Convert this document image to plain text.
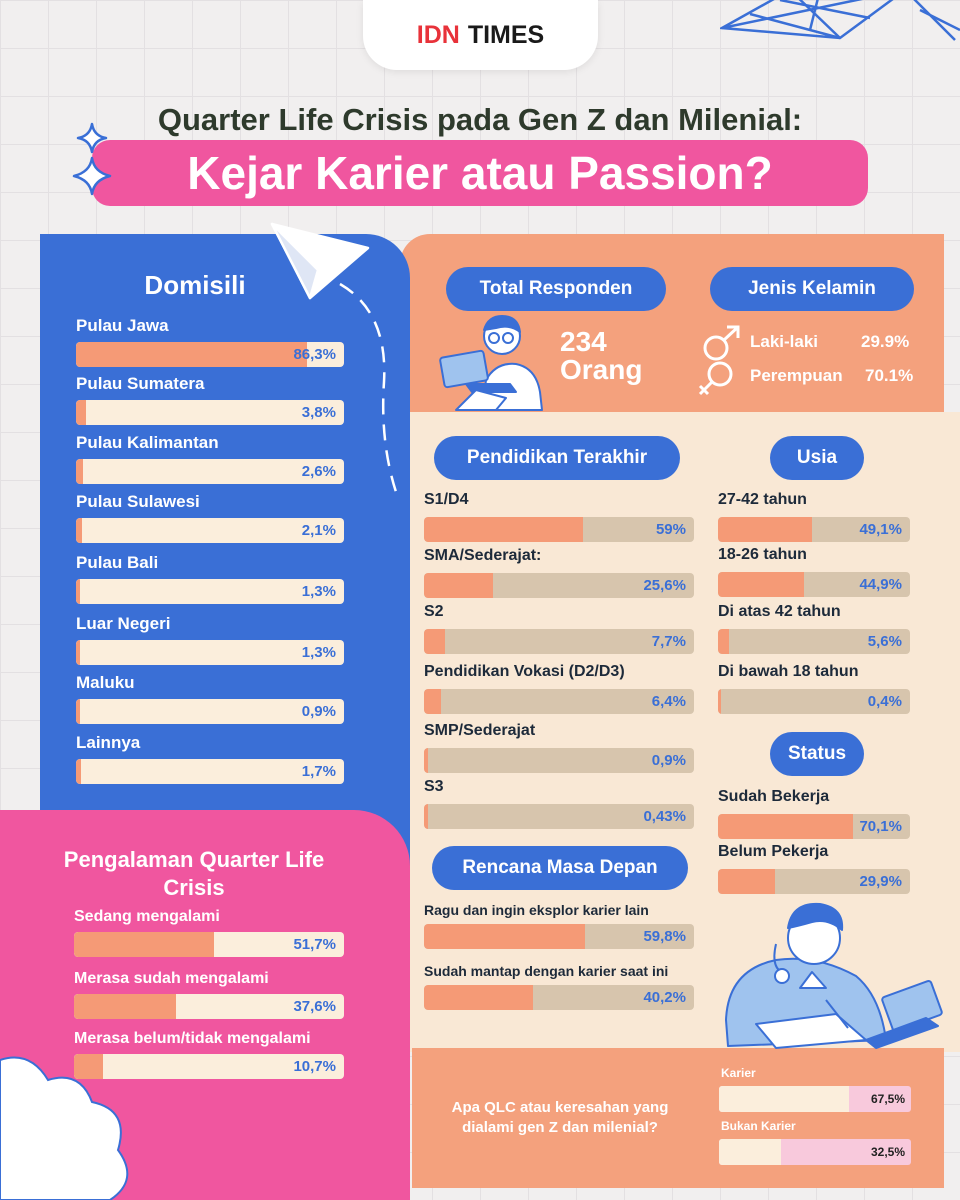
IDN TIMES
Quarter Life Crisis pada Gen Z dan Milenial:
Kejar Karier atau Passion?
Domisili
Pulau Jawa
86,3%
Pulau Sumatera
3,8%
Pulau Kalimantan
2,6%
Pulau Sulawesi
2,1%
Pulau Bali
1,3%
Luar Negeri
1,3%
Maluku
0,9%
Lainnya
1,7%
Total Responden	Jenis Kelamin
234
Orang
Laki-laki	29.9%
Perempuan 70.1%
Pendidikan Terakhir	Usia
Status
Rencana Masa Depan
S1/D4
59%
SMA/Sederajat:
25,6%
S2
7,7%
Pendidikan Vokasi (D2/D3)
6,4%
SMP/Sederajat
0,9%
S3
0,43%
27-42 tahun
49,1%
18-26 tahun
44,9%
Di atas 42 tahun
5,6%
Di bawah 18 tahun
0,4%
Sudah Bekerja
70,1%
Belum Pekerja
29,9%
Ragu dan ingin eksplor karier lain
59,8%
Sudah mantap dengan karier saat ini
40,2%
Pengalaman Quarter Life Crisis
Sedang mengalami
51,7%
Merasa sudah mengalami
37,6%
Merasa belum/tidak mengalami
10,7%
Apa QLC atau keresahan yang dialami gen Z dan milenial?
Karier
67,5%
Bukan Karier
32,5%
